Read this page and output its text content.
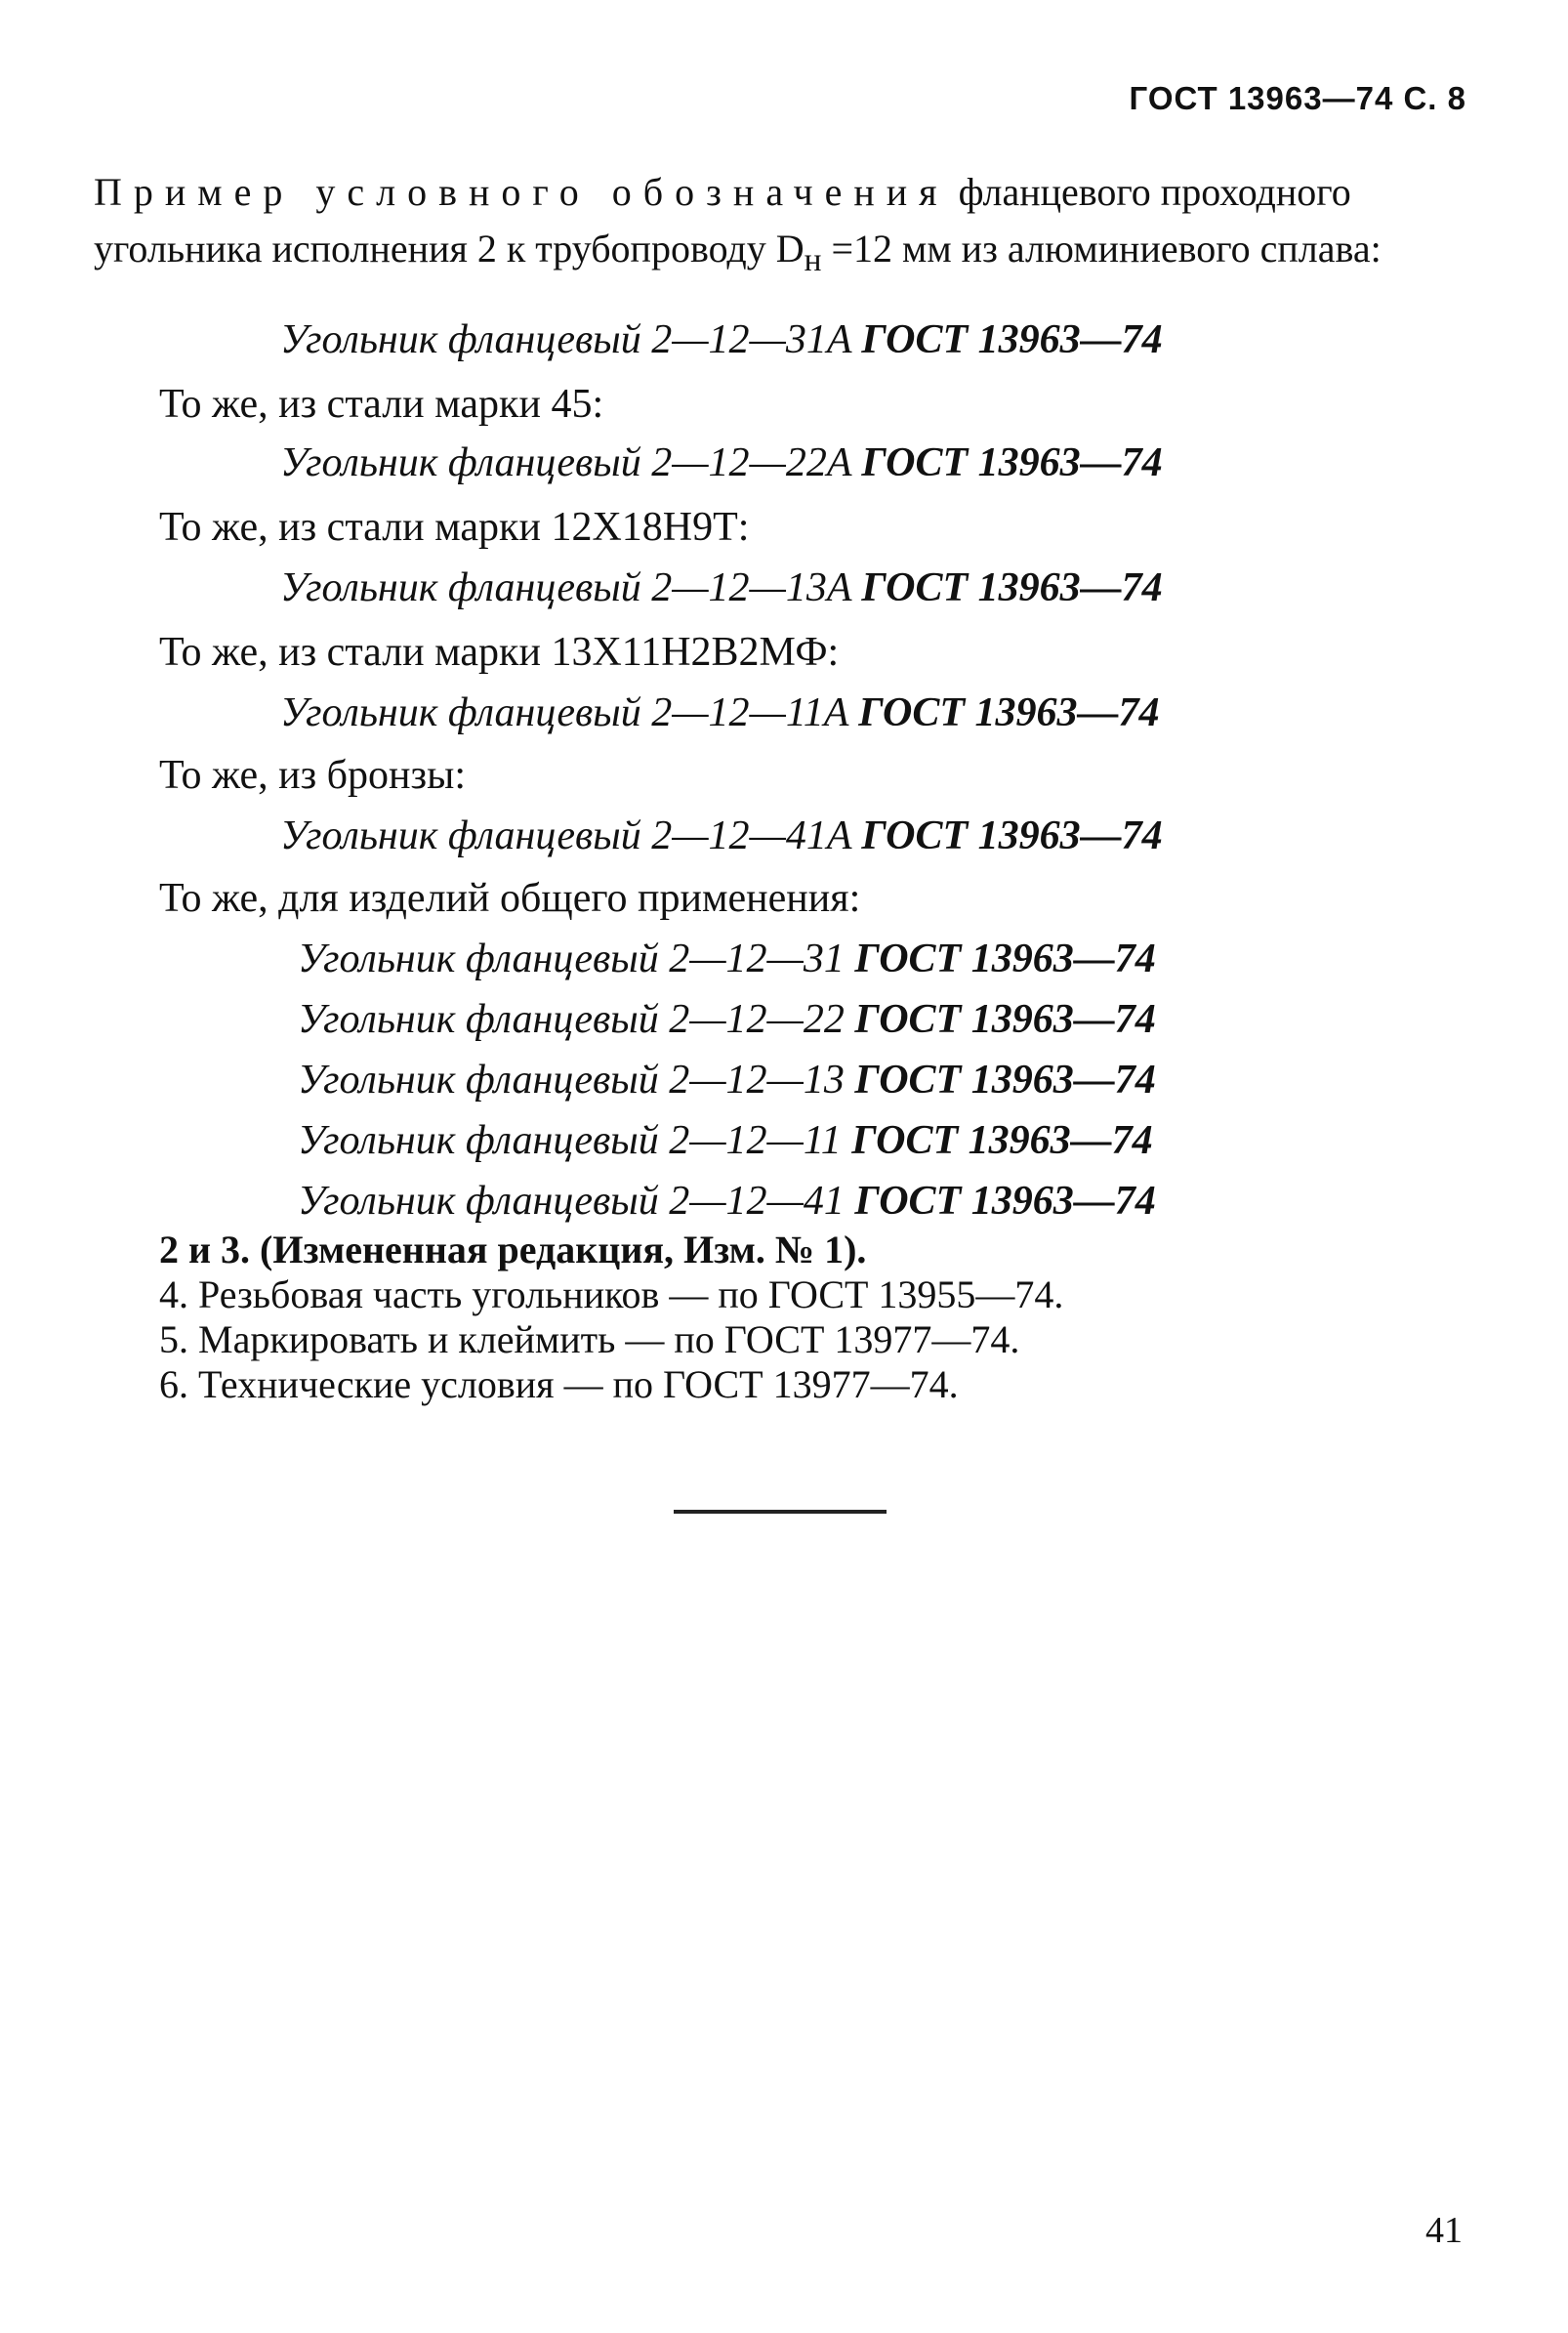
ГОСТ 13963—74 С. 8

Пример условного обозначения фланцевого проходного угольника исполнения 2 к трубопроводу $D_н =12$ мм из алюминиевого сплава:

Угольник фланцевый 2—12—31A ГОСТ 13963—74

То же, из стали марки 45:

Угольник фланцевый 2—12—22A ГОСТ 13963—74

То же, из стали марки 12Х18Н9Т:

Угольник фланцевый 2—12—13A ГОСТ 13963—74

То же, из стали марки 13Х11Н2В2МФ:

Угольник фланцевый 2—12—11A ГОСТ 13963—74

То же, из бронзы:

Угольник фланцевый 2—12—41A ГОСТ 13963—74

То же, для изделий общего применения:

Угольник фланцевый 2—12—31 ГОСТ 13963—74

Угольник фланцевый 2—12—22 ГОСТ 13963—74

Угольник фланцевый 2—12—13 ГОСТ 13963—74

Угольник фланцевый 2—12—11 ГОСТ 13963—74

Угольник фланцевый 2—12—41 ГОСТ 13963—74

2 и 3. (Измененная редакция, Изм. № 1).

4. Резьбовая часть угольников — по ГОСТ 13955—74.

5. Маркировать и клеймить — по ГОСТ 13977—74.

6. Технические условия — по ГОСТ 13977—74.

41
